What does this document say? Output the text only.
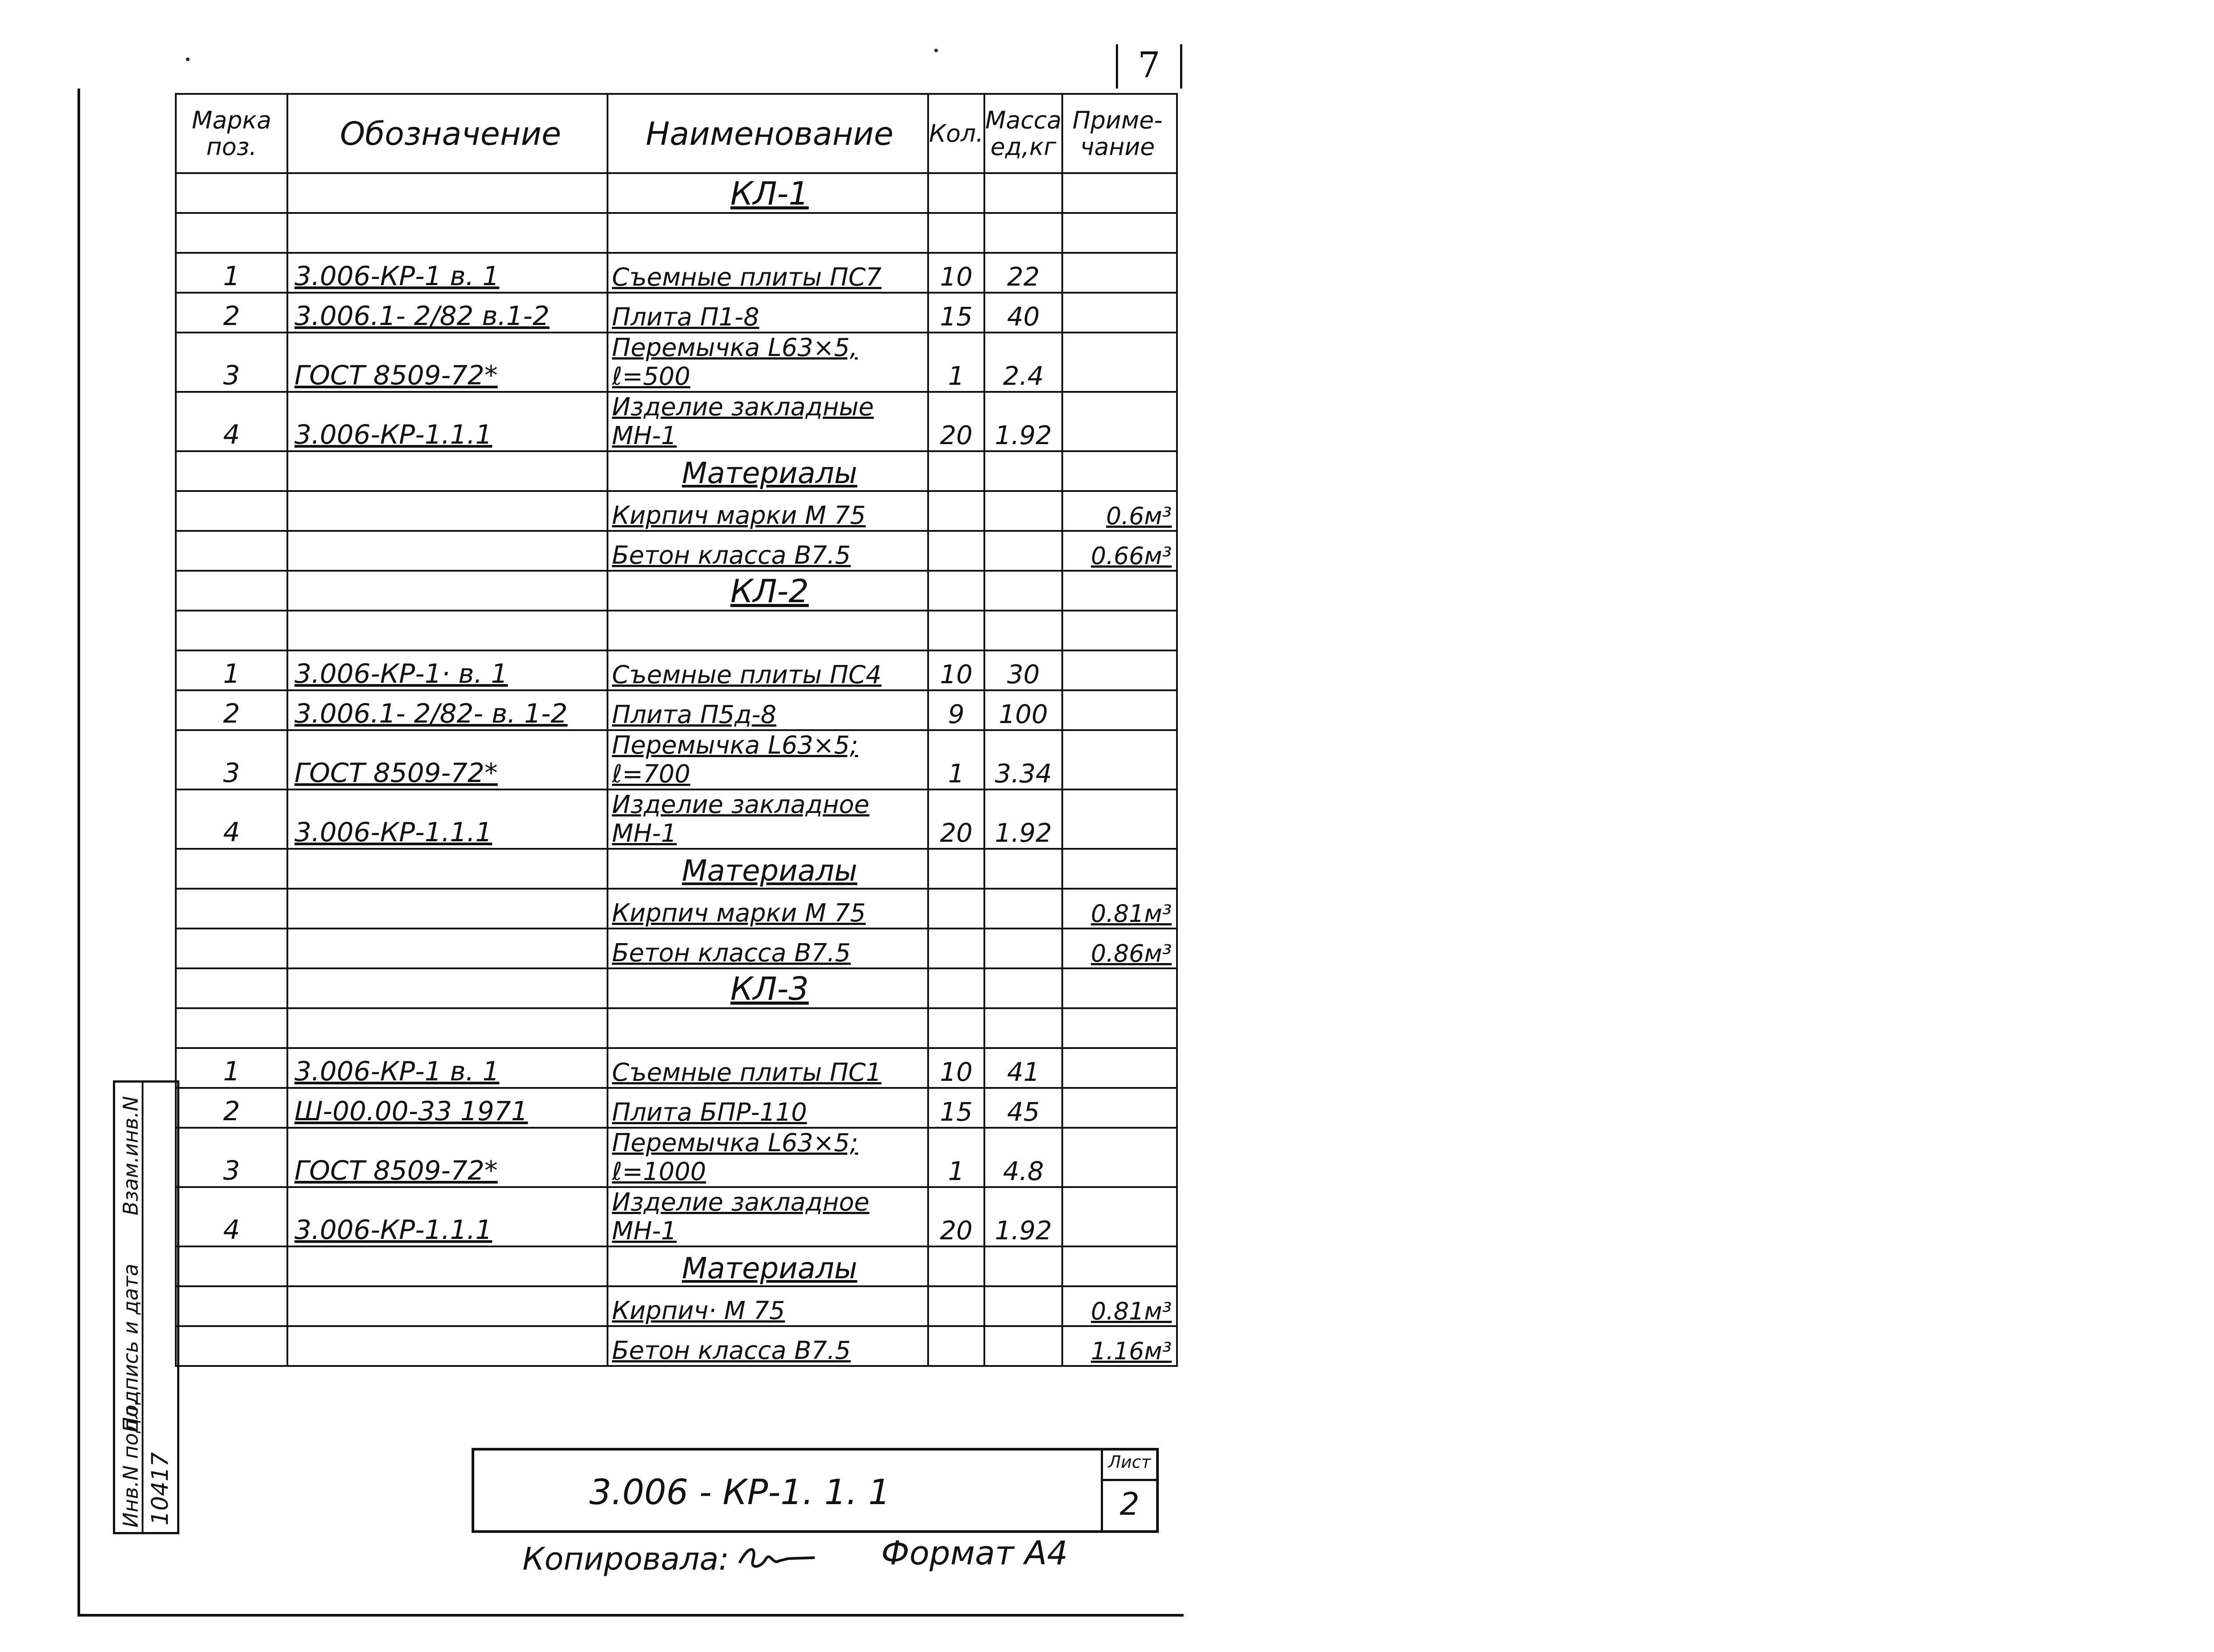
7
Марка поз.	Обозначение	Наименование	Кол.	Масса ед,кг	Приме-чание
		КЛ-1			

1	3.006-КР-1 в. 1	Съемные плиты ПС7	10	22	
2	3.006.1- 2/82 в.1-2	Плита П1-8	15	40	
3	ГОСТ 8509-72*	Перемычка L63×5, ℓ=500	1	2.4	
4	3.006-КР-1.1.1	Изделие закладные МН-1	20	1.92	
		Материалы			
		Кирпич марки М 75			0.6м³
		Бетон класса В7.5			0.66м³
		КЛ-2			

1	3.006-КР-1· в. 1	Съемные плиты ПС4	10	30	
2	3.006.1- 2/82- в. 1-2	Плита П5д-8	9	100	
3	ГОСТ 8509-72*	Перемычка L63×5; ℓ=700	1	3.34	
4	3.006-КР-1.1.1	Изделие закладное МН-1	20	1.92	
		Материалы			
		Кирпич марки М 75			0.81м³
		Бетон класса В7.5			0.86м³
		КЛ-3			

1	3.006-КР-1 в. 1	Съемные плиты ПС1	10	41	
2	Ш-00.00-33 1971	Плита БПР-110	15	45	
3	ГОСТ 8509-72*	Перемычка L63×5; ℓ=1000	1	4.8	
4	3.006-КР-1.1.1	Изделие закладное МН-1	20	1.92	
		Материалы			
		Кирпич· М 75			0.81м³
		Бетон класса В7.5			1.16м³
Инв.N подл.
Подпись и дата
Взам.инв.N
10417	3.006 - КР-1. 1. 1
Лист
2
Копировала:	Формат А4
